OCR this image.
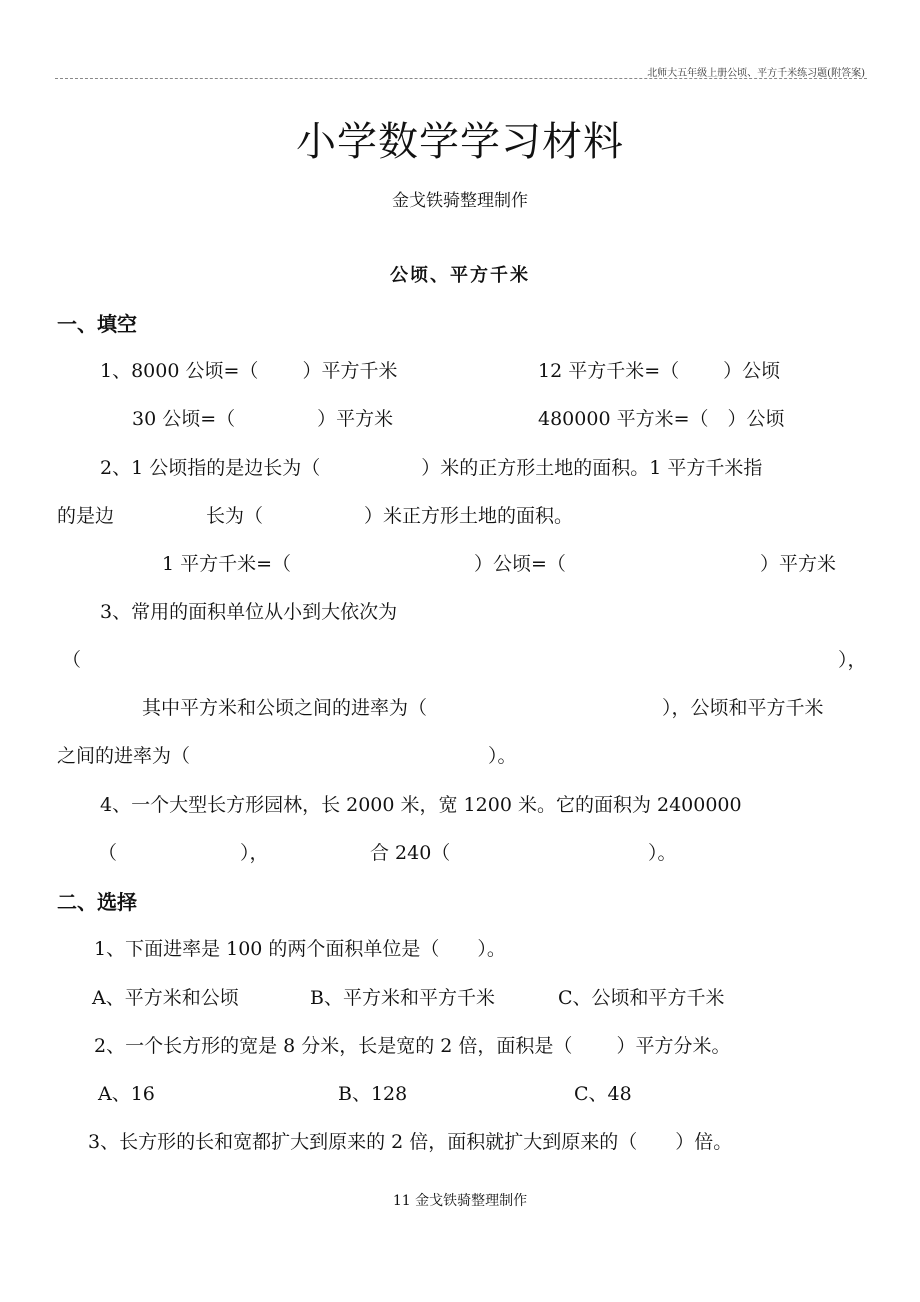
北师大五年级上册公顷、平方千米练习题(附答案)
小学数学学习材料
金戈铁骑整理制作
公顷、平方千米
一、填空
1、8000 公顷=（　　 ）平方千米	12 平方千米=（　　 ）公顷
30 公顷=（　　　　 ）平方米	480000 平方米=（　）公顷
2、1 公顷指的是边长为（　　　　　 ）米的正方形土地的面积。1 平方千米指
的是边	长为（　　　　　 ）米正方形土地的面积。
1 平方千米=（	）公顷=（	）平方米
3、常用的面积单位从小到大依次为
（	），
其中平方米和公顷之间的进率为（	），公顷和平方千米
之间的进率为（	）。
4、一个大型长方形园林，长 2000 米，宽 1200 米。它的面积为 2400000
（	），	合 240（	）。
二、选择
1、下面进率是 100 的两个面积单位是（　　）。
A、平方米和公顷	B、平方米和平方千米	C、公顷和平方千米
2、一个长方形的宽是 8 分米，长是宽的 2 倍，面积是（　　 ）平方分米。
A、16	B、128	C、48
3、长方形的长和宽都扩大到原来的 2 倍，面积就扩大到原来的（　　）倍。
11 金戈铁骑整理制作
